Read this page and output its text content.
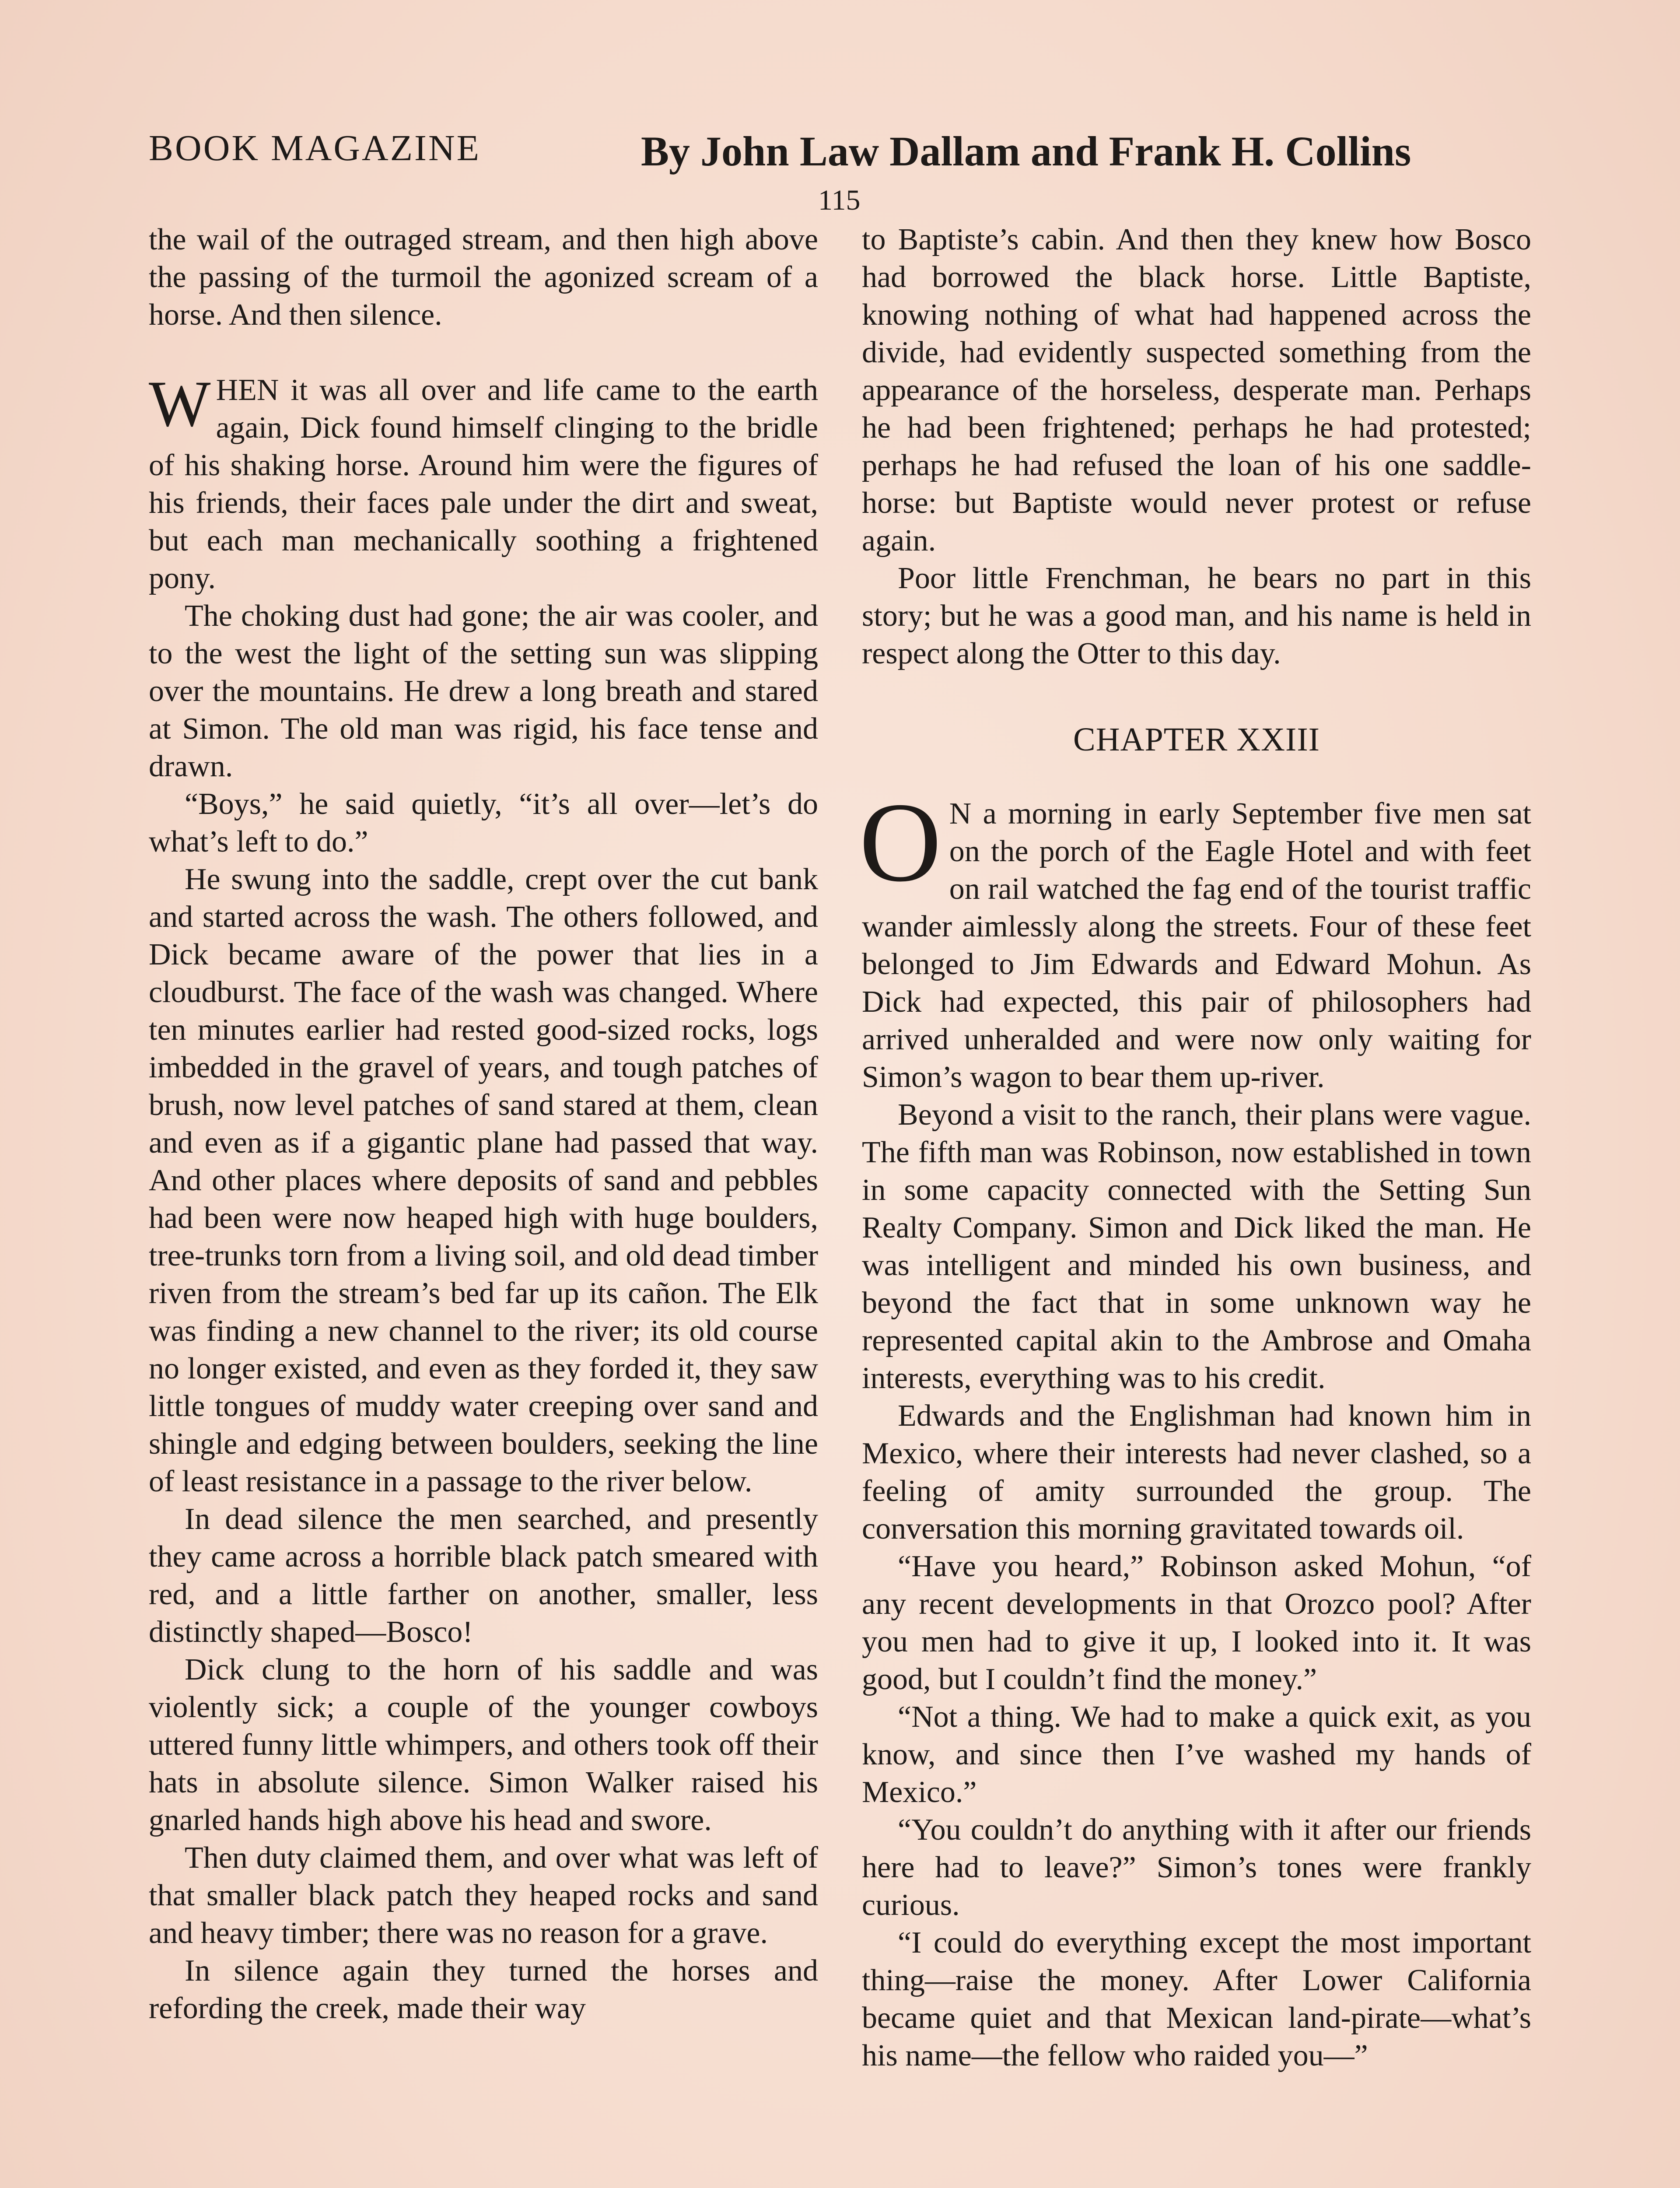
BOOK MAGAZINE	By John Law Dallam and Frank H. Collins
115

the wail of the outraged stream, and then high above the passing of the turmoil the agonized scream of a horse. And then silence.

WHEN it was all over and life came to the earth again, Dick found himself clinging to the bridle of his shaking horse. Around him were the figures of his friends, their faces pale under the dirt and sweat, but each man mechanically soothing a frightened pony.

The choking dust had gone; the air was cooler, and to the west the light of the setting sun was slipping over the mountains. He drew a long breath and stared at Simon. The old man was rigid, his face tense and drawn.

“Boys,” he said quietly, “it’s all over—let’s do what’s left to do.”

He swung into the saddle, crept over the cut bank and started across the wash. The others followed, and Dick became aware of the power that lies in a cloudburst. The face of the wash was changed. Where ten minutes earlier had rested good-sized rocks, logs imbedded in the gravel of years, and tough patches of brush, now level patches of sand stared at them, clean and even as if a gigantic plane had passed that way. And other places where deposits of sand and pebbles had been were now heaped high with huge boulders, tree-trunks torn from a living soil, and old dead timber riven from the stream’s bed far up its cañon. The Elk was finding a new channel to the river; its old course no longer existed, and even as they forded it, they saw little tongues of muddy water creeping over sand and shingle and edging between boulders, seeking the line of least resistance in a passage to the river below.

In dead silence the men searched, and presently they came across a horrible black patch smeared with red, and a little farther on another, smaller, less distinctly shaped—Bosco!

Dick clung to the horn of his saddle and was violently sick; a couple of the younger cowboys uttered funny little whimpers, and others took off their hats in absolute silence. Simon Walker raised his gnarled hands high above his head and swore.

Then duty claimed them, and over what was left of that smaller black patch they heaped rocks and sand and heavy timber; there was no reason for a grave.

In silence again they turned the horses and refording the creek, made their way

to Baptiste’s cabin. And then they knew how Bosco had borrowed the black horse. Little Baptiste, knowing nothing of what had happened across the divide, had evidently suspected something from the appearance of the horseless, desperate man. Perhaps he had been frightened; perhaps he had protested; perhaps he had refused the loan of his one saddle-horse: but Baptiste would never protest or refuse again.

Poor little Frenchman, he bears no part in this story; but he was a good man, and his name is held in respect along the Otter to this day.

CHAPTER XXIII

O N a morning in early September five men sat on the porch of the Eagle Hotel and with feet on rail watched the fag end of the tourist traffic wander aimlessly along the streets. Four of these feet belonged to Jim Edwards and Edward Mohun. As Dick had expected, this pair of philosophers had arrived unheralded and were now only waiting for Simon’s wagon to bear them up-river.

Beyond a visit to the ranch, their plans were vague. The fifth man was Robinson, now established in town in some capacity connected with the Setting Sun Realty Company. Simon and Dick liked the man. He was intelligent and minded his own business, and beyond the fact that in some unknown way he represented capital akin to the Ambrose and Omaha interests, everything was to his credit.

Edwards and the Englishman had known him in Mexico, where their interests had never clashed, so a feeling of amity surrounded the group. The conversation this morning gravitated towards oil.

“Have you heard,” Robinson asked Mohun, “of any recent developments in that Orozco pool? After you men had to give it up, I looked into it. It was good, but I couldn’t find the money.”

“Not a thing. We had to make a quick exit, as you know, and since then I’ve washed my hands of Mexico.”

“You couldn’t do anything with it after our friends here had to leave?” Simon’s tones were frankly curious.

“I could do everything except the most important thing—raise the money. After Lower California became quiet and that Mexican land-pirate—what’s his name—the fellow who raided you—”
